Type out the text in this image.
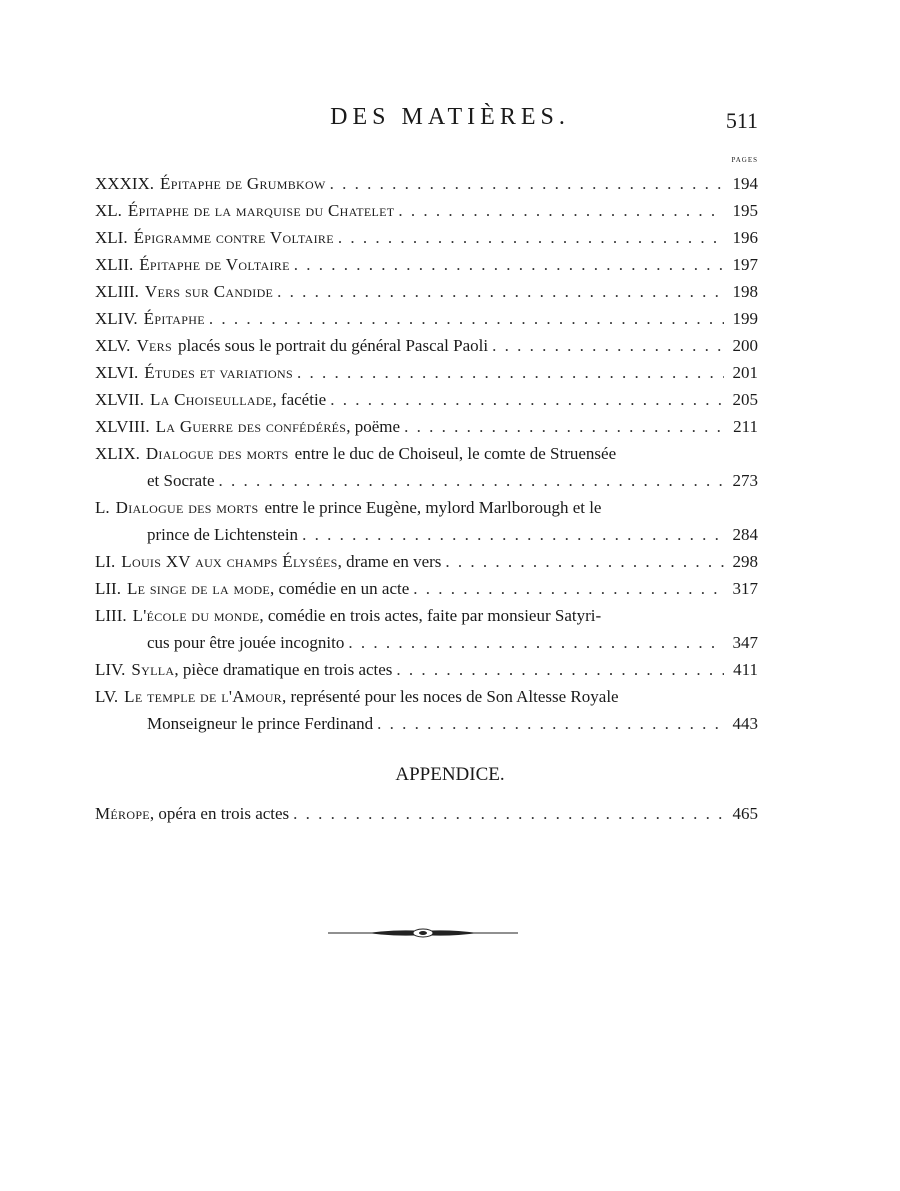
DES MATIÈRES.	511
pages
XXXIX. Épitaphe de Grumbkow . . .	194
XL. Épitaphe de la marquise du Chatelet . . .	195
XLI. Épigramme contre Voltaire . . .	196
XLII. Épitaphe de Voltaire . . .	197
XLIII. Vers sur Candide . . .	198
XLIV. Épitaphe . . .	199
XLV. Vers placés sous le portrait du général Pascal Paoli . . .	200
XLVI. Études et variations . . .	201
XLVII. La Choiseullade , facétie . . .	205
XLVIII. La Guerre des confédérés , poëme . . .	211
XLIX. Dialogue des morts entre le duc de Choiseul, le comte de Struensée
et Socrate . . .	273
L. Dialogue des morts entre le prince Eugène, mylord Marlborough et le
prince de Lichtenstein . . .	284
LI. Louis XV aux champs Élysées , drame en vers . . .	298
LII. Le singe de la mode , comédie en un acte . . .	317
LIII. L'école du monde , comédie en trois actes, faite par monsieur Satyri-
cus pour être jouée incognito . . .	347
LIV. Sylla , pièce dramatique en trois actes . . .	411
LV. Le temple de l'Amour , représenté pour les noces de Son Altesse Royale
Monseigneur le prince Ferdinand . . .	443
APPENDICE.
Mérope , opéra en trois actes . . .	465
